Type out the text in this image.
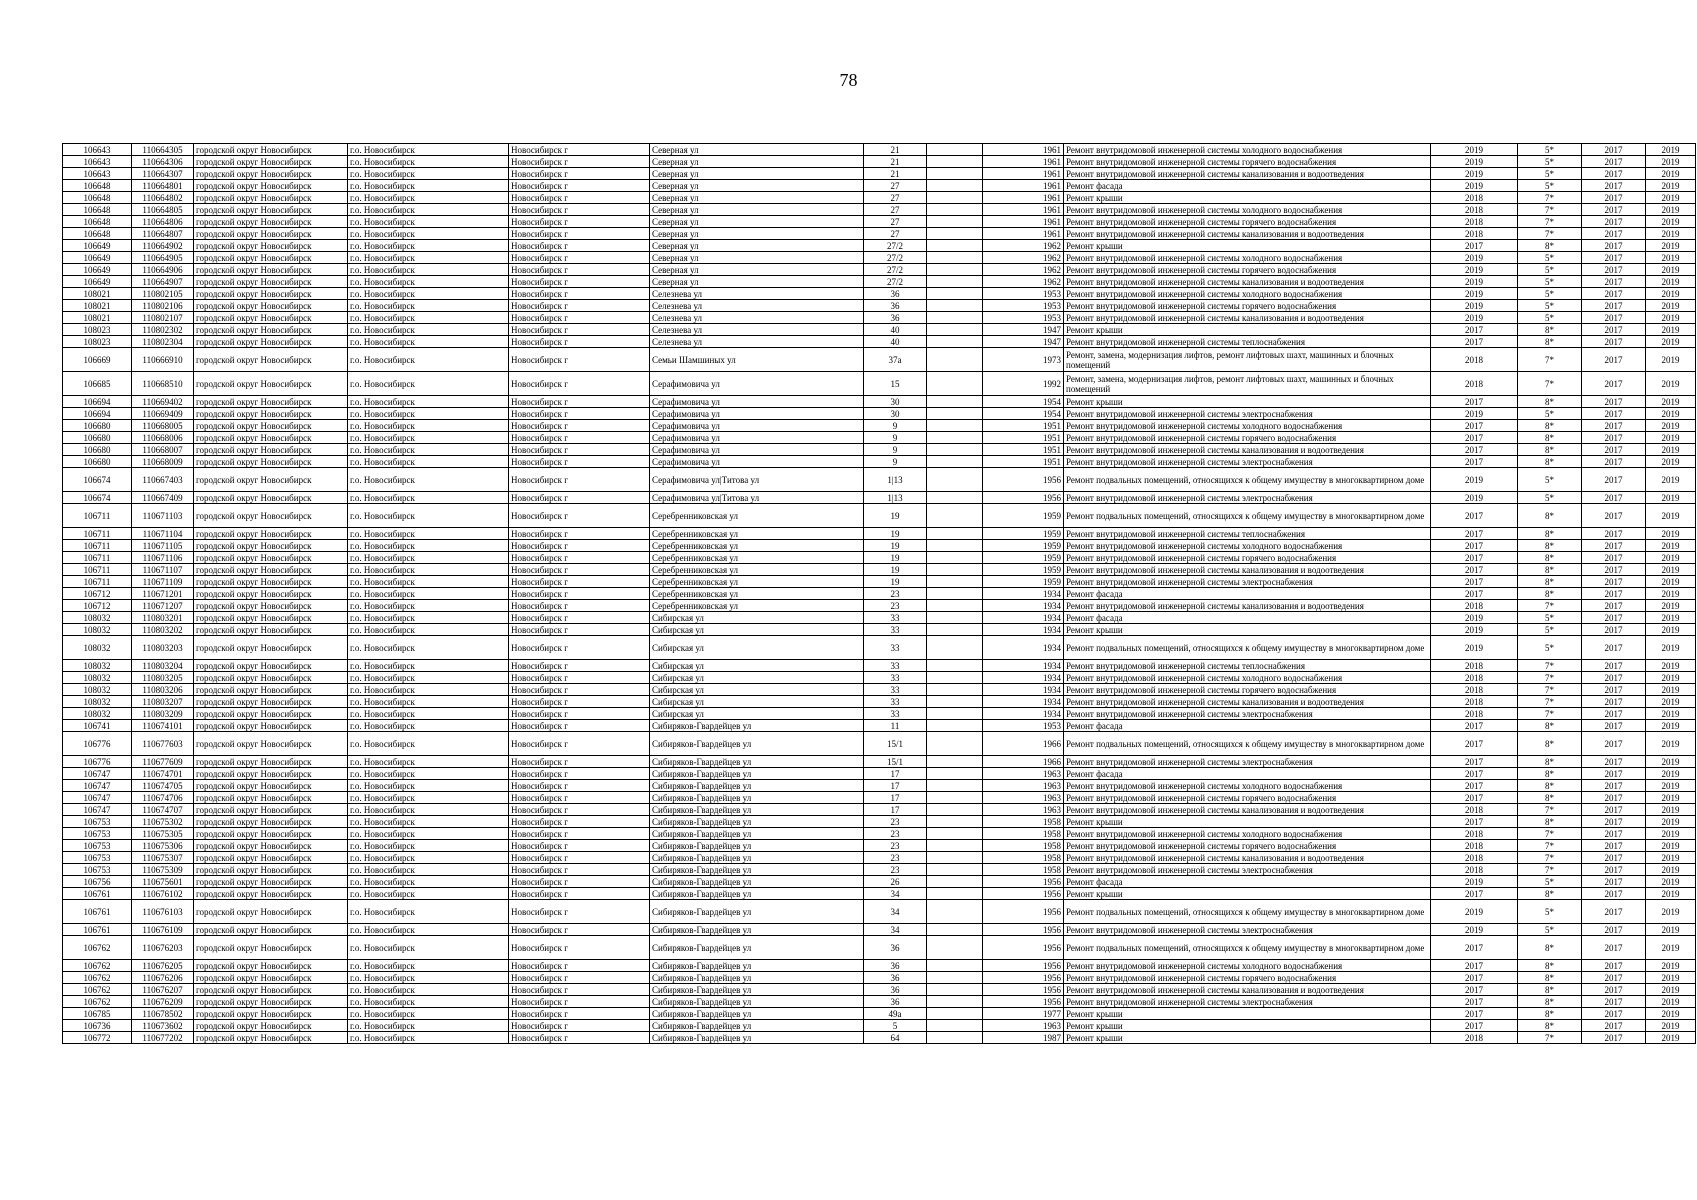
78
106643	110664305	городской округ Новосибирск	г.о. Новосибирск	Новосибирск г	Северная ул	21		1961	Ремонт внутридомовой инженерной системы холодного водоснабжения	2019	5*	2017	2019
106643	110664306	городской округ Новосибирск	г.о. Новосибирск	Новосибирск г	Северная ул	21		1961	Ремонт внутридомовой инженерной системы горячего водоснабжения	2019	5*	2017	2019
106643	110664307	городской округ Новосибирск	г.о. Новосибирск	Новосибирск г	Северная ул	21		1961	Ремонт внутридомовой инженерной системы канализования и водоотведения	2019	5*	2017	2019
106648	110664801	городской округ Новосибирск	г.о. Новосибирск	Новосибирск г	Северная ул	27		1961	Ремонт фасада	2019	5*	2017	2019
106648	110664802	городской округ Новосибирск	г.о. Новосибирск	Новосибирск г	Северная ул	27		1961	Ремонт крыши	2018	7*	2017	2019
106648	110664805	городской округ Новосибирск	г.о. Новосибирск	Новосибирск г	Северная ул	27		1961	Ремонт внутридомовой инженерной системы холодного водоснабжения	2018	7*	2017	2019
106648	110664806	городской округ Новосибирск	г.о. Новосибирск	Новосибирск г	Северная ул	27		1961	Ремонт внутридомовой инженерной системы горячего водоснабжения	2018	7*	2017	2019
106648	110664807	городской округ Новосибирск	г.о. Новосибирск	Новосибирск г	Северная ул	27		1961	Ремонт внутридомовой инженерной системы канализования и водоотведения	2018	7*	2017	2019
106649	110664902	городской округ Новосибирск	г.о. Новосибирск	Новосибирск г	Северная ул	27/2		1962	Ремонт крыши	2017	8*	2017	2019
106649	110664905	городской округ Новосибирск	г.о. Новосибирск	Новосибирск г	Северная ул	27/2		1962	Ремонт внутридомовой инженерной системы холодного водоснабжения	2019	5*	2017	2019
106649	110664906	городской округ Новосибирск	г.о. Новосибирск	Новосибирск г	Северная ул	27/2		1962	Ремонт внутридомовой инженерной системы горячего водоснабжения	2019	5*	2017	2019
106649	110664907	городской округ Новосибирск	г.о. Новосибирск	Новосибирск г	Северная ул	27/2		1962	Ремонт внутридомовой инженерной системы канализования и водоотведения	2019	5*	2017	2019
108021	110802105	городской округ Новосибирск	г.о. Новосибирск	Новосибирск г	Селезнева ул	36		1953	Ремонт внутридомовой инженерной системы холодного водоснабжения	2019	5*	2017	2019
108021	110802106	городской округ Новосибирск	г.о. Новосибирск	Новосибирск г	Селезнева ул	36		1953	Ремонт внутридомовой инженерной системы горячего водоснабжения	2019	5*	2017	2019
108021	110802107	городской округ Новосибирск	г.о. Новосибирск	Новосибирск г	Селезнева ул	36		1953	Ремонт внутридомовой инженерной системы канализования и водоотведения	2019	5*	2017	2019
108023	110802302	городской округ Новосибирск	г.о. Новосибирск	Новосибирск г	Селезнева ул	40		1947	Ремонт крыши	2017	8*	2017	2019
108023	110802304	городской округ Новосибирск	г.о. Новосибирск	Новосибирск г	Селезнева ул	40		1947	Ремонт внутридомовой инженерной системы теплоснабжения	2017	8*	2017	2019
106669	110666910	городской округ Новосибирск	г.о. Новосибирск	Новосибирск г	Семьи Шамшиных ул	37а		1973	Ремонт, замена, модернизация лифтов, ремонт лифтовых шахт, машинных и блочных помещений	2018	7*	2017	2019
106685	110668510	городской округ Новосибирск	г.о. Новосибирск	Новосибирск г	Серафимовича ул	15		1992	Ремонт, замена, модернизация лифтов, ремонт лифтовых шахт, машинных и блочных помещений	2018	7*	2017	2019
106694	110669402	городской округ Новосибирск	г.о. Новосибирск	Новосибирск г	Серафимовича ул	30		1954	Ремонт крыши	2017	8*	2017	2019
106694	110669409	городской округ Новосибирск	г.о. Новосибирск	Новосибирск г	Серафимовича ул	30		1954	Ремонт внутридомовой инженерной системы электроснабжения	2019	5*	2017	2019
106680	110668005	городской округ Новосибирск	г.о. Новосибирск	Новосибирск г	Серафимовича ул	9		1951	Ремонт внутридомовой инженерной системы холодного водоснабжения	2017	8*	2017	2019
106680	110668006	городской округ Новосибирск	г.о. Новосибирск	Новосибирск г	Серафимовича ул	9		1951	Ремонт внутридомовой инженерной системы горячего водоснабжения	2017	8*	2017	2019
106680	110668007	городской округ Новосибирск	г.о. Новосибирск	Новосибирск г	Серафимовича ул	9		1951	Ремонт внутридомовой инженерной системы канализования и водоотведения	2017	8*	2017	2019
106680	110668009	городской округ Новосибирск	г.о. Новосибирск	Новосибирск г	Серафимовича ул	9		1951	Ремонт внутридомовой инженерной системы электроснабжения	2017	8*	2017	2019
106674	110667403	городской округ Новосибирск	г.о. Новосибирск	Новосибирск г	Серафимовича ул|Титова ул	1|13		1956	Ремонт подвальных помещений, относящихся к общему имуществу в многоквартирном доме	2019	5*	2017	2019
106674	110667409	городской округ Новосибирск	г.о. Новосибирск	Новосибирск г	Серафимовича ул|Титова ул	1|13		1956	Ремонт внутридомовой инженерной системы электроснабжения	2019	5*	2017	2019
106711	110671103	городской округ Новосибирск	г.о. Новосибирск	Новосибирск г	Серебренниковская ул	19		1959	Ремонт подвальных помещений, относящихся к общему имуществу в многоквартирном доме	2017	8*	2017	2019
106711	110671104	городской округ Новосибирск	г.о. Новосибирск	Новосибирск г	Серебренниковская ул	19		1959	Ремонт внутридомовой инженерной системы теплоснабжения	2017	8*	2017	2019
106711	110671105	городской округ Новосибирск	г.о. Новосибирск	Новосибирск г	Серебренниковская ул	19		1959	Ремонт внутридомовой инженерной системы холодного водоснабжения	2017	8*	2017	2019
106711	110671106	городской округ Новосибирск	г.о. Новосибирск	Новосибирск г	Серебренниковская ул	19		1959	Ремонт внутридомовой инженерной системы горячего водоснабжения	2017	8*	2017	2019
106711	110671107	городской округ Новосибирск	г.о. Новосибирск	Новосибирск г	Серебренниковская ул	19		1959	Ремонт внутридомовой инженерной системы канализования и водоотведения	2017	8*	2017	2019
106711	110671109	городской округ Новосибирск	г.о. Новосибирск	Новосибирск г	Серебренниковская ул	19		1959	Ремонт внутридомовой инженерной системы электроснабжения	2017	8*	2017	2019
106712	110671201	городской округ Новосибирск	г.о. Новосибирск	Новосибирск г	Серебренниковская ул	23		1934	Ремонт фасада	2017	8*	2017	2019
106712	110671207	городской округ Новосибирск	г.о. Новосибирск	Новосибирск г	Серебренниковская ул	23		1934	Ремонт внутридомовой инженерной системы канализования и водоотведения	2018	7*	2017	2019
108032	110803201	городской округ Новосибирск	г.о. Новосибирск	Новосибирск г	Сибирская ул	33		1934	Ремонт фасада	2019	5*	2017	2019
108032	110803202	городской округ Новосибирск	г.о. Новосибирск	Новосибирск г	Сибирская ул	33		1934	Ремонт крыши	2019	5*	2017	2019
108032	110803203	городской округ Новосибирск	г.о. Новосибирск	Новосибирск г	Сибирская ул	33		1934	Ремонт подвальных помещений, относящихся к общему имуществу в многоквартирном доме	2019	5*	2017	2019
108032	110803204	городской округ Новосибирск	г.о. Новосибирск	Новосибирск г	Сибирская ул	33		1934	Ремонт внутридомовой инженерной системы теплоснабжения	2018	7*	2017	2019
108032	110803205	городской округ Новосибирск	г.о. Новосибирск	Новосибирск г	Сибирская ул	33		1934	Ремонт внутридомовой инженерной системы холодного водоснабжения	2018	7*	2017	2019
108032	110803206	городской округ Новосибирск	г.о. Новосибирск	Новосибирск г	Сибирская ул	33		1934	Ремонт внутридомовой инженерной системы горячего водоснабжения	2018	7*	2017	2019
108032	110803207	городской округ Новосибирск	г.о. Новосибирск	Новосибирск г	Сибирская ул	33		1934	Ремонт внутридомовой инженерной системы канализования и водоотведения	2018	7*	2017	2019
108032	110803209	городской округ Новосибирск	г.о. Новосибирск	Новосибирск г	Сибирская ул	33		1934	Ремонт внутридомовой инженерной системы электроснабжения	2018	7*	2017	2019
106741	110674101	городской округ Новосибирск	г.о. Новосибирск	Новосибирск г	Сибиряков-Гвардейцев ул	11		1953	Ремонт фасада	2017	8*	2017	2019
106776	110677603	городской округ Новосибирск	г.о. Новосибирск	Новосибирск г	Сибиряков-Гвардейцев ул	15/1		1966	Ремонт подвальных помещений, относящихся к общему имуществу в многоквартирном доме	2017	8*	2017	2019
106776	110677609	городской округ Новосибирск	г.о. Новосибирск	Новосибирск г	Сибиряков-Гвардейцев ул	15/1		1966	Ремонт внутридомовой инженерной системы электроснабжения	2017	8*	2017	2019
106747	110674701	городской округ Новосибирск	г.о. Новосибирск	Новосибирск г	Сибиряков-Гвардейцев ул	17		1963	Ремонт фасада	2017	8*	2017	2019
106747	110674705	городской округ Новосибирск	г.о. Новосибирск	Новосибирск г	Сибиряков-Гвардейцев ул	17		1963	Ремонт внутридомовой инженерной системы холодного водоснабжения	2017	8*	2017	2019
106747	110674706	городской округ Новосибирск	г.о. Новосибирск	Новосибирск г	Сибиряков-Гвардейцев ул	17		1963	Ремонт внутридомовой инженерной системы горячего водоснабжения	2017	8*	2017	2019
106747	110674707	городской округ Новосибирск	г.о. Новосибирск	Новосибирск г	Сибиряков-Гвардейцев ул	17		1963	Ремонт внутридомовой инженерной системы канализования и водоотведения	2018	7*	2017	2019
106753	110675302	городской округ Новосибирск	г.о. Новосибирск	Новосибирск г	Сибиряков-Гвардейцев ул	23		1958	Ремонт крыши	2017	8*	2017	2019
106753	110675305	городской округ Новосибирск	г.о. Новосибирск	Новосибирск г	Сибиряков-Гвардейцев ул	23		1958	Ремонт внутридомовой инженерной системы холодного водоснабжения	2018	7*	2017	2019
106753	110675306	городской округ Новосибирск	г.о. Новосибирск	Новосибирск г	Сибиряков-Гвардейцев ул	23		1958	Ремонт внутридомовой инженерной системы горячего водоснабжения	2018	7*	2017	2019
106753	110675307	городской округ Новосибирск	г.о. Новосибирск	Новосибирск г	Сибиряков-Гвардейцев ул	23		1958	Ремонт внутридомовой инженерной системы канализования и водоотведения	2018	7*	2017	2019
106753	110675309	городской округ Новосибирск	г.о. Новосибирск	Новосибирск г	Сибиряков-Гвардейцев ул	23		1958	Ремонт внутридомовой инженерной системы электроснабжения	2018	7*	2017	2019
106756	110675601	городской округ Новосибирск	г.о. Новосибирск	Новосибирск г	Сибиряков-Гвардейцев ул	26		1956	Ремонт фасада	2019	5*	2017	2019
106761	110676102	городской округ Новосибирск	г.о. Новосибирск	Новосибирск г	Сибиряков-Гвардейцев ул	34		1956	Ремонт крыши	2017	8*	2017	2019
106761	110676103	городской округ Новосибирск	г.о. Новосибирск	Новосибирск г	Сибиряков-Гвардейцев ул	34		1956	Ремонт подвальных помещений, относящихся к общему имуществу в многоквартирном доме	2019	5*	2017	2019
106761	110676109	городской округ Новосибирск	г.о. Новосибирск	Новосибирск г	Сибиряков-Гвардейцев ул	34		1956	Ремонт внутридомовой инженерной системы электроснабжения	2019	5*	2017	2019
106762	110676203	городской округ Новосибирск	г.о. Новосибирск	Новосибирск г	Сибиряков-Гвардейцев ул	36		1956	Ремонт подвальных помещений, относящихся к общему имуществу в многоквартирном доме	2017	8*	2017	2019
106762	110676205	городской округ Новосибирск	г.о. Новосибирск	Новосибирск г	Сибиряков-Гвардейцев ул	36		1956	Ремонт внутридомовой инженерной системы холодного водоснабжения	2017	8*	2017	2019
106762	110676206	городской округ Новосибирск	г.о. Новосибирск	Новосибирск г	Сибиряков-Гвардейцев ул	36		1956	Ремонт внутридомовой инженерной системы горячего водоснабжения	2017	8*	2017	2019
106762	110676207	городской округ Новосибирск	г.о. Новосибирск	Новосибирск г	Сибиряков-Гвардейцев ул	36		1956	Ремонт внутридомовой инженерной системы канализования и водоотведения	2017	8*	2017	2019
106762	110676209	городской округ Новосибирск	г.о. Новосибирск	Новосибирск г	Сибиряков-Гвардейцев ул	36		1956	Ремонт внутридомовой инженерной системы электроснабжения	2017	8*	2017	2019
106785	110678502	городской округ Новосибирск	г.о. Новосибирск	Новосибирск г	Сибиряков-Гвардейцев ул	49а		1977	Ремонт крыши	2017	8*	2017	2019
106736	110673602	городской округ Новосибирск	г.о. Новосибирск	Новосибирск г	Сибиряков-Гвардейцев ул	5		1963	Ремонт крыши	2017	8*	2017	2019
106772	110677202	городской округ Новосибирск	г.о. Новосибирск	Новосибирск г	Сибиряков-Гвардейцев ул	64		1987	Ремонт крыши	2018	7*	2017	2019
